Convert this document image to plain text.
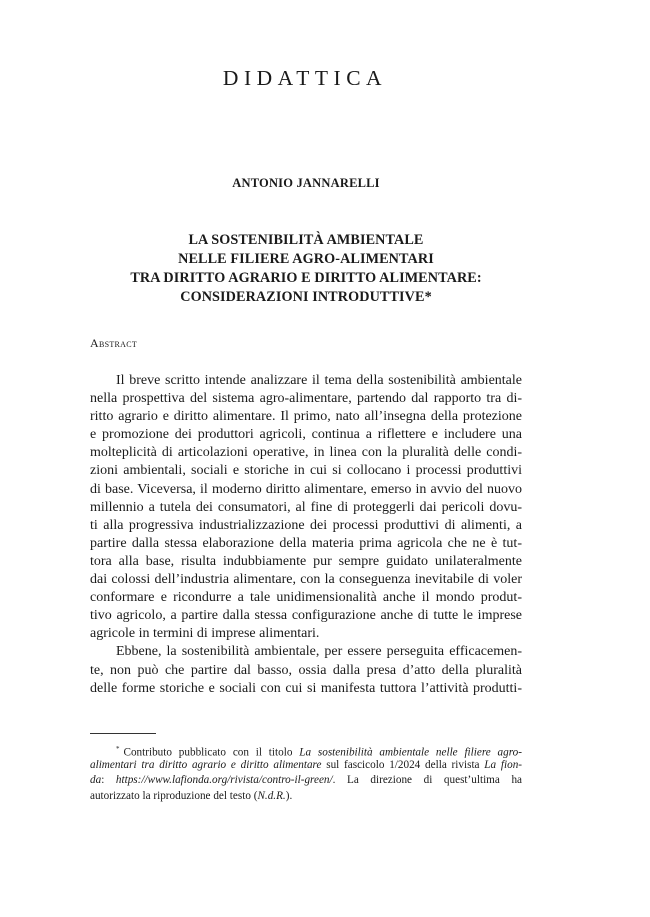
DIDATTICA
ANTONIO JANNARELLI
LA SOSTENIBILITÀ AMBIENTALE
NELLE FILIERE AGRO-ALIMENTARI
TRA DIRITTO AGRARIO E DIRITTO ALIMENTARE:
CONSIDERAZIONI INTRODUTTIVE*
Abstract
Il breve scritto intende analizzare il tema della sostenibilità ambientale
nella prospettiva del sistema agro-alimentare, partendo dal rapporto tra di-
ritto agrario e diritto alimentare. Il primo, nato all’insegna della protezione
e promozione dei produttori agricoli, continua a riflettere e includere una
molteplicità di articolazioni operative, in linea con la pluralità delle condi-
zioni ambientali, sociali e storiche in cui si collocano i processi produttivi
di base. Viceversa, il moderno diritto alimentare, emerso in avvio del nuovo
millennio a tutela dei consumatori, al fine di proteggerli dai pericoli dovu-
ti alla progressiva industrializzazione dei processi produttivi di alimenti, a
partire dalla stessa elaborazione della materia prima agricola che ne è tut-
tora alla base, risulta indubbiamente pur sempre guidato unilateralmente
dai colossi dell’industria alimentare, con la conseguenza inevitabile di voler
conformare e ricondurre a tale unidimensionalità anche il mondo produt-
tivo agricolo, a partire dalla stessa configurazione anche di tutte le imprese
agricole in termini di imprese alimentari.
Ebbene, la sostenibilità ambientale, per essere perseguita efficacemen-
te, non può che partire dal basso, ossia dalla presa d’atto della pluralità
delle forme storiche e sociali con cui si manifesta tuttora l’attività produtti-
* Contributo pubblicato con il titolo La sostenibilità ambientale nelle filiere agro-
alimentari tra diritto agrario e diritto alimentare sul fascicolo 1/2024 della rivista La fion-
da: https://www.lafionda.org/rivista/contro-il-green/. La direzione di quest’ultima ha
autorizzato la riproduzione del testo (N.d.R.).
